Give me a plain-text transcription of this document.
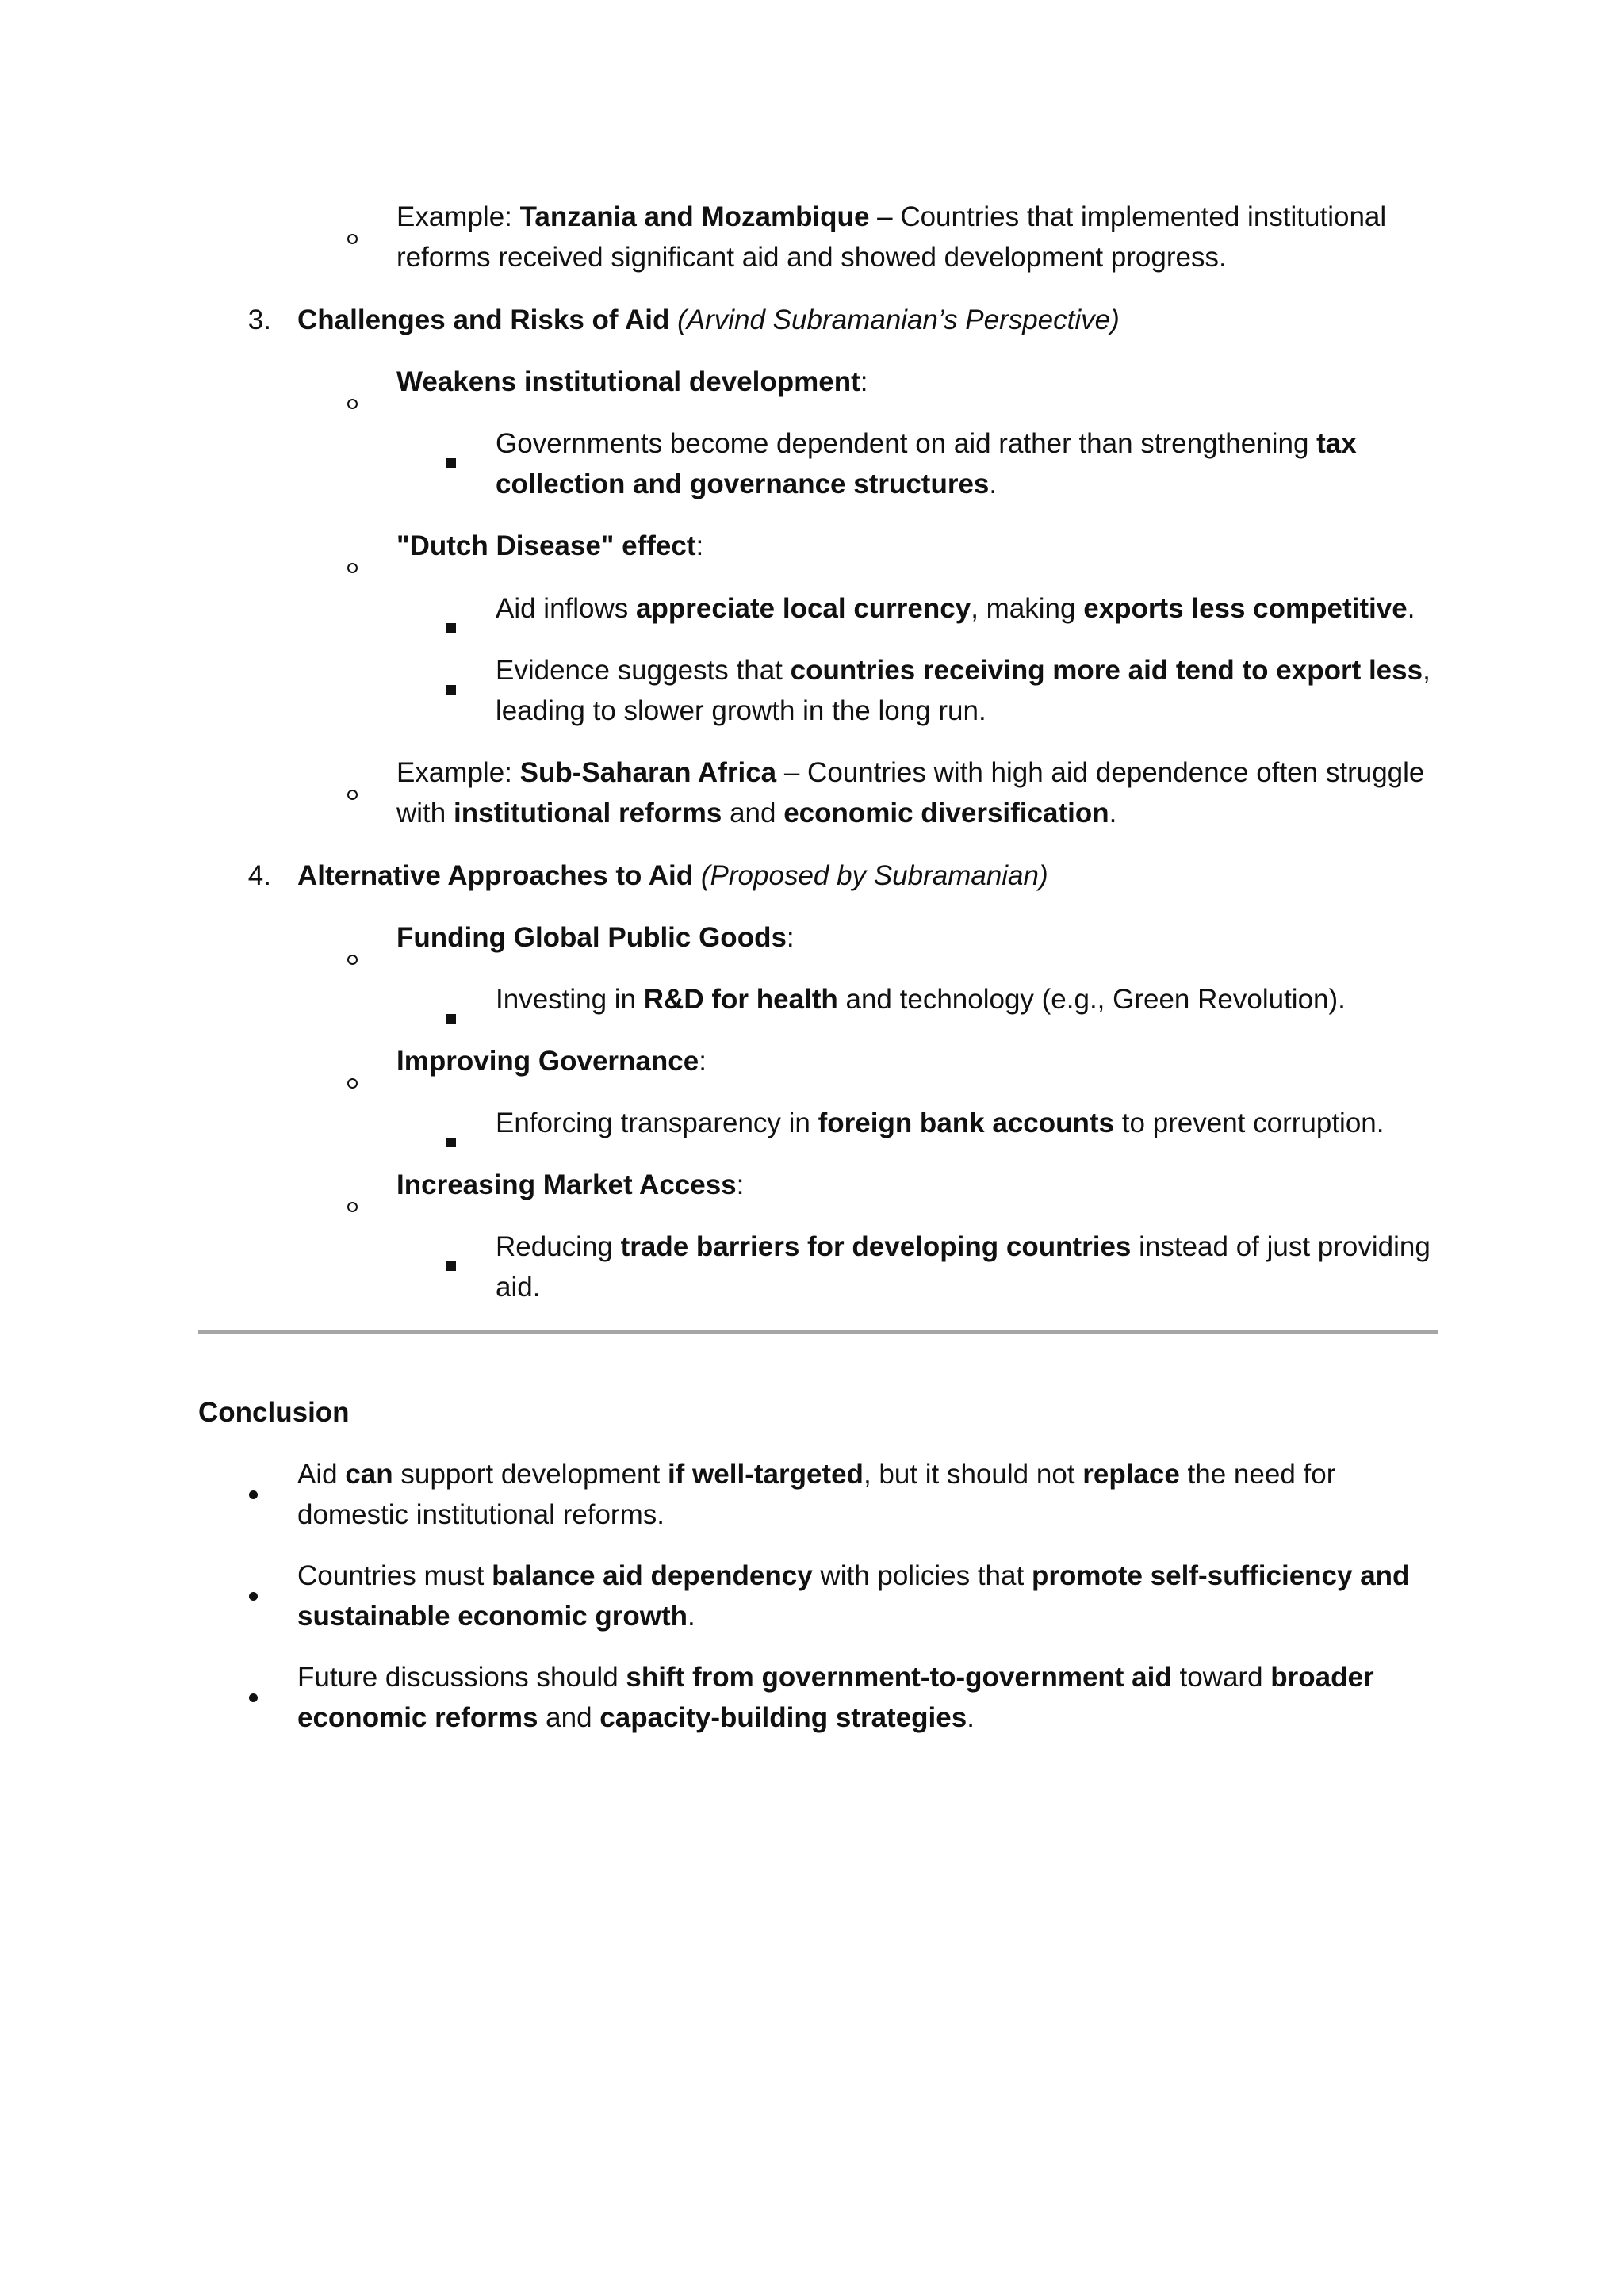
Example: Tanzania and Mozambique – Countries that implemented institutional
reforms received significant aid and showed development progress.
3. Challenges and Risks of Aid (Arvind Subramanian’s Perspective)
Weakens institutional development:
Governments become dependent on aid rather than strengthening tax
collection and governance structures.
"Dutch Disease" effect:
Aid inflows appreciate local currency, making exports less competitive.
Evidence suggests that countries receiving more aid tend to export less,
leading to slower growth in the long run.
Example: Sub-Saharan Africa – Countries with high aid dependence often struggle
with institutional reforms and economic diversification.
4. Alternative Approaches to Aid (Proposed by Subramanian)
Funding Global Public Goods:
Investing in R&D for health and technology (e.g., Green Revolution).
Improving Governance:
Enforcing transparency in foreign bank accounts to prevent corruption.
Increasing Market Access:
Reducing trade barriers for developing countries instead of just providing
aid.
Conclusion
Aid can support development if well-targeted, but it should not replace the need for
domestic institutional reforms.
Countries must balance aid dependency with policies that promote self-sufficiency and
sustainable economic growth.
Future discussions should shift from government-to-government aid toward broader
economic reforms and capacity-building strategies.
